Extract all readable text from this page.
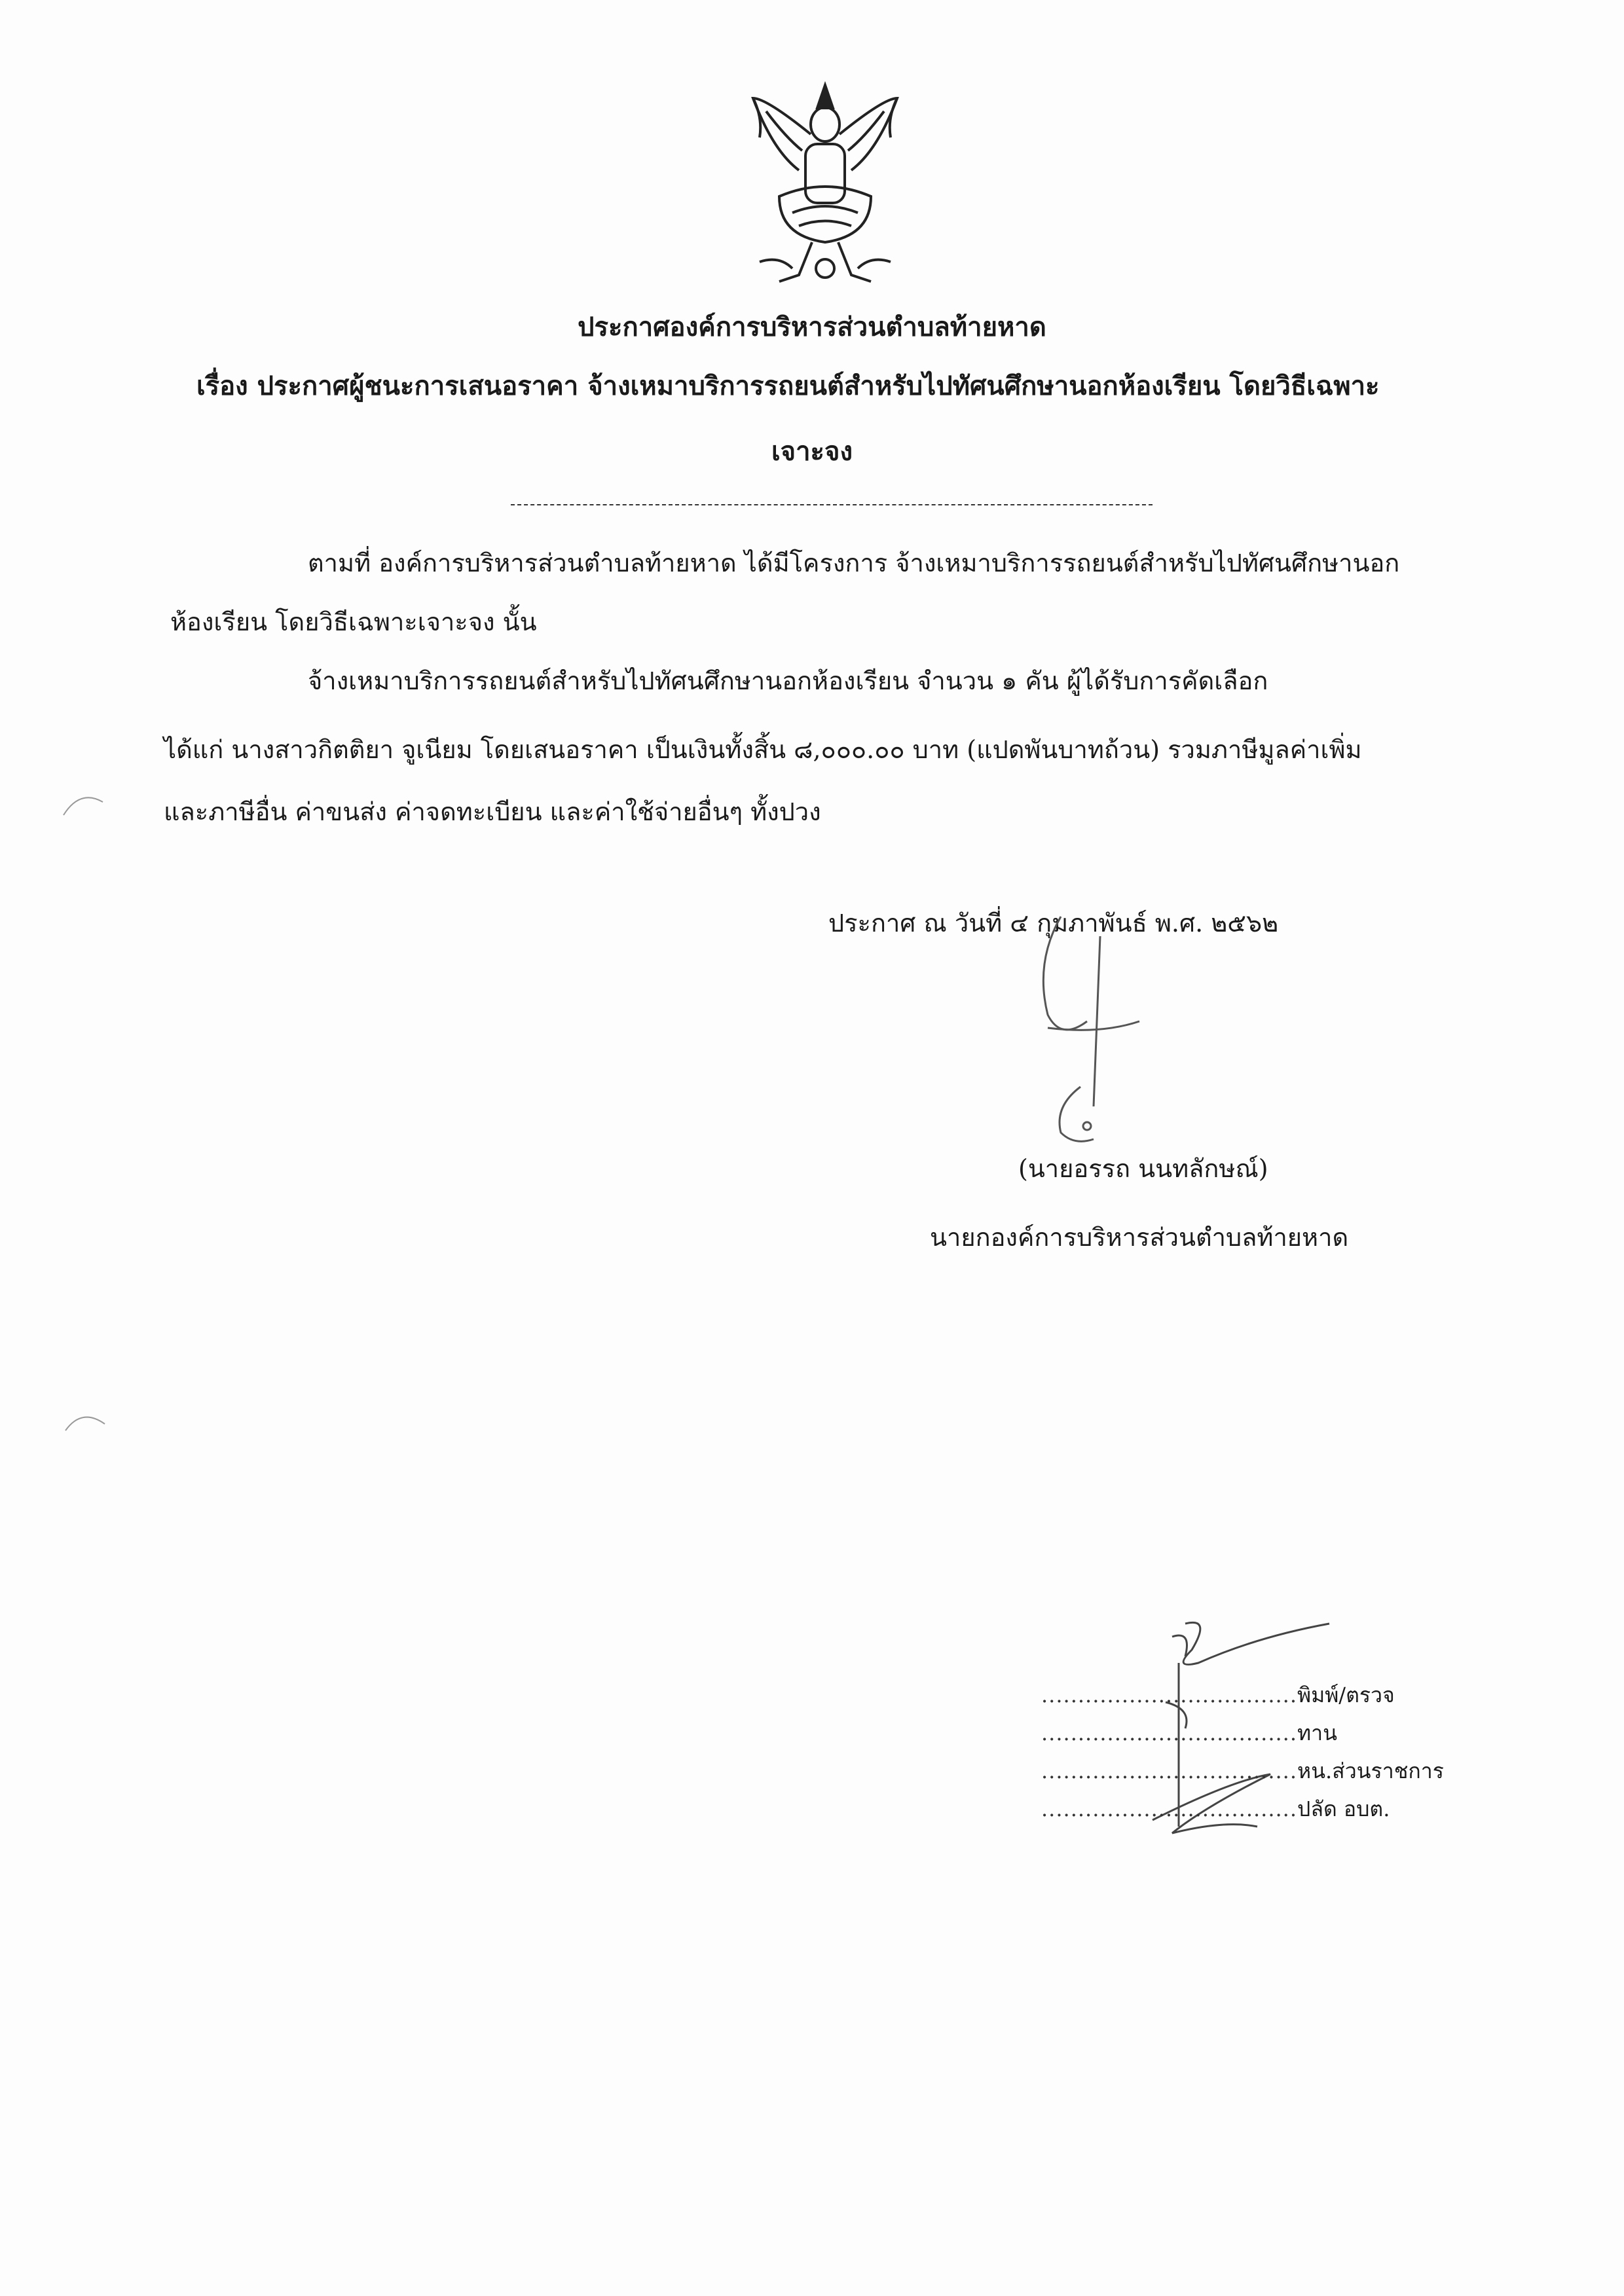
ประกาศองค์การบริหารส่วนตำบลท้ายหาด
เรื่อง ประกาศผู้ชนะการเสนอราคา จ้างเหมาบริการรถยนต์สำหรับไปทัศนศึกษานอกห้องเรียน โดยวิธีเฉพาะ
เจาะจง
ตามที่ องค์การบริหารส่วนตำบลท้ายหาด ได้มีโครงการ จ้างเหมาบริการรถยนต์สำหรับไปทัศนศึกษานอก
ห้องเรียน โดยวิธีเฉพาะเจาะจง นั้น
จ้างเหมาบริการรถยนต์สำหรับไปทัศนศึกษานอกห้องเรียน จำนวน ๑ คัน ผู้ได้รับการคัดเลือก
ได้แก่ นางสาวกิตติยา จูเนียม โดยเสนอราคา เป็นเงินทั้งสิ้น ๘,๐๐๐.๐๐ บาท (แปดพันบาทถ้วน) รวมภาษีมูลค่าเพิ่ม
และภาษีอื่น ค่าขนส่ง ค่าจดทะเบียน และค่าใช้จ่ายอื่นๆ ทั้งปวง
ประกาศ ณ วันที่ ๔ กุมภาพันธ์ พ.ศ. ๒๕๖๒
(นายอรรถ นนทลักษณ์)
นายกองค์การบริหารส่วนตำบลท้ายหาด
...................................พิมพ์/ตรวจ
...................................ทาน
...................................หน.ส่วนราชการ
...................................ปลัด อบต.
